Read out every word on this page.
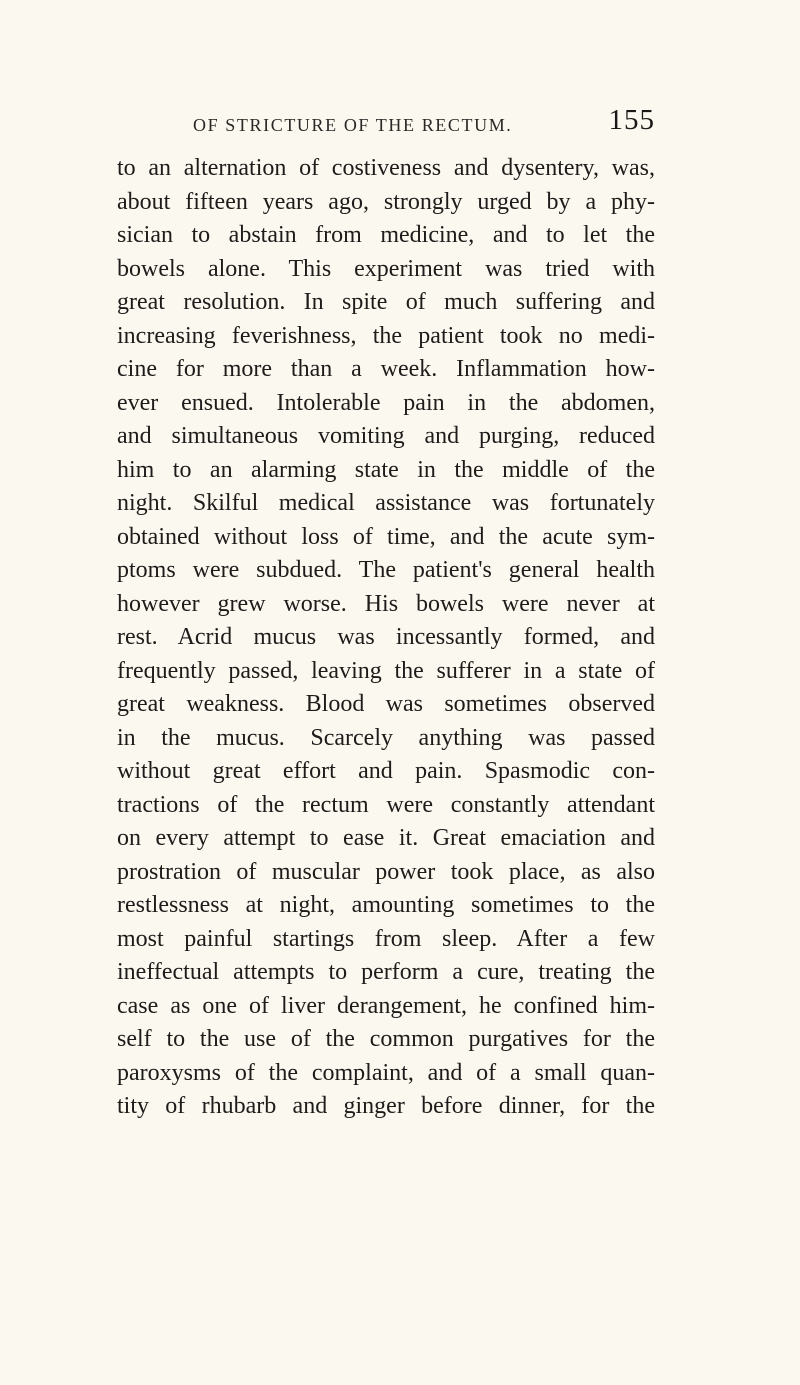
OF STRICTURE OF THE RECTUM.	155
to an alternation of costiveness and dysentery, was,
about fifteen years ago, strongly urged by a phy-
sician to abstain from medicine, and to let the
bowels alone. This experiment was tried with
great resolution. In spite of much suffering and
increasing feverishness, the patient took no medi-
cine for more than a week. Inflammation how-
ever ensued. Intolerable pain in the abdomen,
and simultaneous vomiting and purging, reduced
him to an alarming state in the middle of the
night. Skilful medical assistance was fortunately
obtained without loss of time, and the acute sym-
ptoms were subdued. The patient's general health
however grew worse. His bowels were never at
rest. Acrid mucus was incessantly formed, and
frequently passed, leaving the sufferer in a state of
great weakness. Blood was sometimes observed
in the mucus. Scarcely anything was passed
without great effort and pain. Spasmodic con-
tractions of the rectum were constantly attendant
on every attempt to ease it. Great emaciation and
prostration of muscular power took place, as also
restlessness at night, amounting sometimes to the
most painful startings from sleep. After a few
ineffectual attempts to perform a cure, treating the
case as one of liver derangement, he confined him-
self to the use of the common purgatives for the
paroxysms of the complaint, and of a small quan-
tity of rhubarb and ginger before dinner, for the
